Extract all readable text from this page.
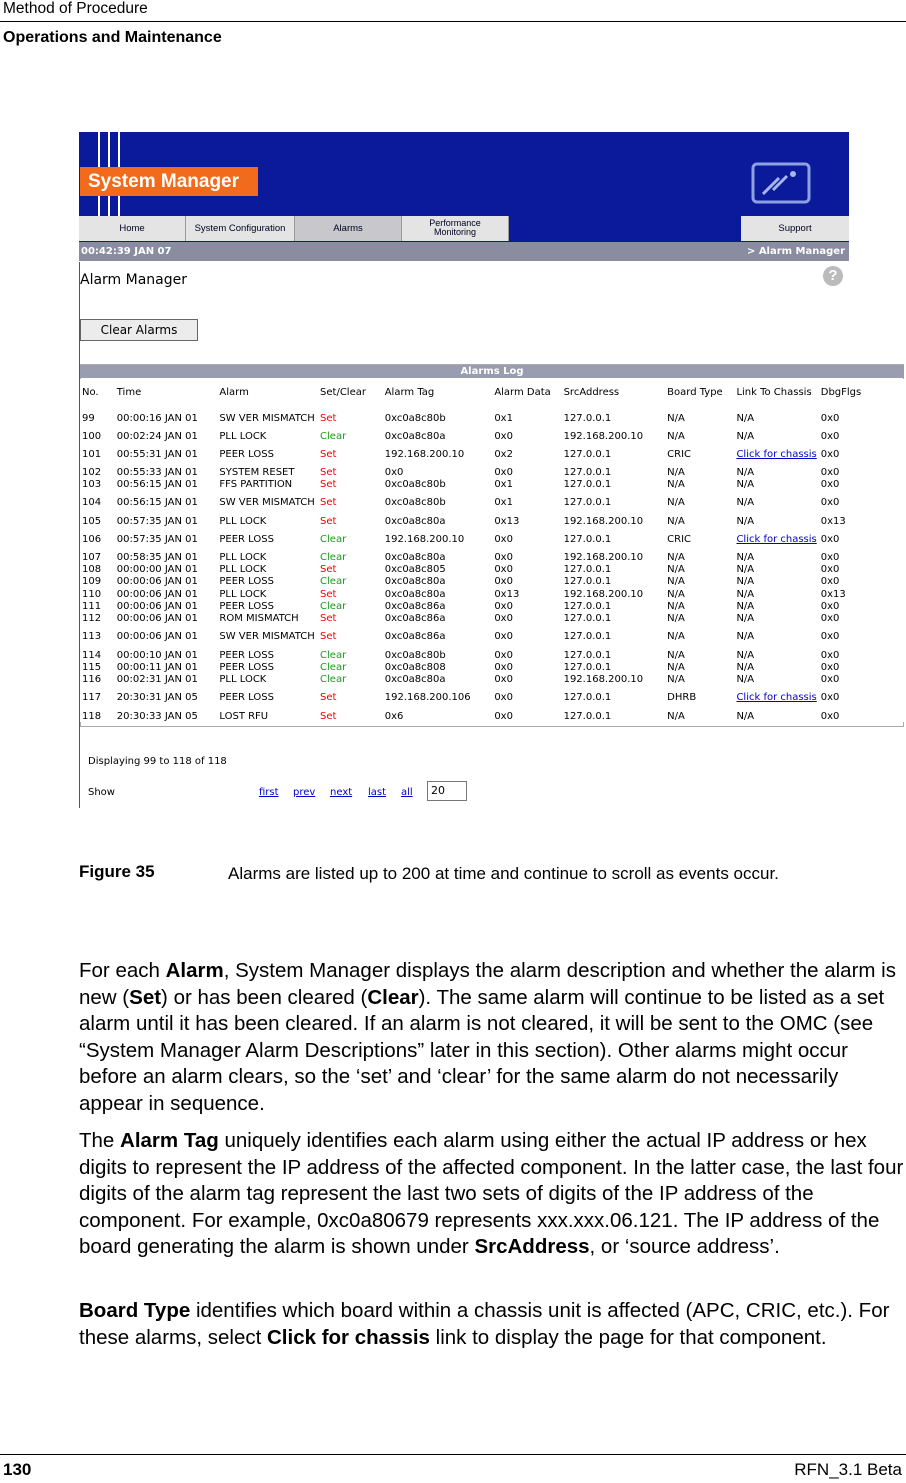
Method of Procedure
Operations and Maintenance
System Manager
Home	System Configuration	Alarms	Performance
Monitoring	Support
00:42:39 JAN 07	> Alarm Manager
Alarm Manager	?
Clear Alarms
Alarms Log
No.	Time	Alarm	Set/Clear	Alarm Tag	Alarm Data	SrcAddress	Board Type	Link To Chassis	DbgFlgs
99	00:00:16 JAN 01	SW VER MISMATCH	Set	0xc0a8c80b	0x1	127.0.0.1	N/A	N/A	0x0
100	00:02:24 JAN 01	PLL LOCK	Clear	0xc0a8c80a	0x0	192.168.200.10	N/A	N/A	0x0
101	00:55:31 JAN 01	PEER LOSS	Set	192.168.200.10	0x2	127.0.0.1	CRIC	Click for chassis	0x0
102	00:55:33 JAN 01	SYSTEM RESET	Set	0x0	0x0	127.0.0.1	N/A	N/A	0x0
103	00:56:15 JAN 01	FFS PARTITION	Set	0xc0a8c80b	0x1	127.0.0.1	N/A	N/A	0x0
104	00:56:15 JAN 01	SW VER MISMATCH	Set	0xc0a8c80b	0x1	127.0.0.1	N/A	N/A	0x0
105	00:57:35 JAN 01	PLL LOCK	Set	0xc0a8c80a	0x13	192.168.200.10	N/A	N/A	0x13
106	00:57:35 JAN 01	PEER LOSS	Clear	192.168.200.10	0x0	127.0.0.1	CRIC	Click for chassis	0x0
107	00:58:35 JAN 01	PLL LOCK	Clear	0xc0a8c80a	0x0	192.168.200.10	N/A	N/A	0x0
108	00:00:00 JAN 01	PLL LOCK	Set	0xc0a8c805	0x0	127.0.0.1	N/A	N/A	0x0
109	00:00:06 JAN 01	PEER LOSS	Clear	0xc0a8c80a	0x0	127.0.0.1	N/A	N/A	0x0
110	00:00:06 JAN 01	PLL LOCK	Set	0xc0a8c80a	0x13	192.168.200.10	N/A	N/A	0x13
111	00:00:06 JAN 01	PEER LOSS	Clear	0xc0a8c86a	0x0	127.0.0.1	N/A	N/A	0x0
112	00:00:06 JAN 01	ROM MISMATCH	Set	0xc0a8c86a	0x0	127.0.0.1	N/A	N/A	0x0
113	00:00:06 JAN 01	SW VER MISMATCH	Set	0xc0a8c86a	0x0	127.0.0.1	N/A	N/A	0x0
114	00:00:10 JAN 01	PEER LOSS	Clear	0xc0a8c80b	0x0	127.0.0.1	N/A	N/A	0x0
115	00:00:11 JAN 01	PEER LOSS	Clear	0xc0a8c808	0x0	127.0.0.1	N/A	N/A	0x0
116	00:02:31 JAN 01	PLL LOCK	Clear	0xc0a8c80a	0x0	192.168.200.10	N/A	N/A	0x0
117	20:30:31 JAN 05	PEER LOSS	Set	192.168.200.106	0x0	127.0.0.1	DHRB	Click for chassis	0x0
118	20:30:33 JAN 05	LOST RFU	Set	0x6	0x0	127.0.0.1	N/A	N/A	0x0
Displaying 99 to 118 of 118
Show	first prev next last all	20
Figure 35	Alarms are listed up to 200 at time and continue to scroll as events occur.
For each Alarm, System Manager displays the alarm description and whether the alarm is new (Set) or has been cleared (Clear). The same alarm will continue to be listed as a set alarm until it has been cleared. If an alarm is not cleared, it will be sent to the OMC (see “System Manager Alarm Descriptions” later in this section). Other alarms might occur before an alarm clears, so the ‘set’ and ‘clear’ for the same alarm do not necessarily appear in sequence.
The Alarm Tag uniquely identifies each alarm using either the actual IP address or hex digits to represent the IP address of the affected component. In the latter case, the last four digits of the alarm tag represent the last two sets of digits of the IP address of the component. For example, 0xc0a80679 represents xxx.xxx.06.121. The IP address of the board generating the alarm is shown under SrcAddress, or ‘source address’.
Board Type identifies which board within a chassis unit is affected (APC, CRIC, etc.). For these alarms, select Click for chassis link to display the page for that component.
130	RFN_3.1 Beta
